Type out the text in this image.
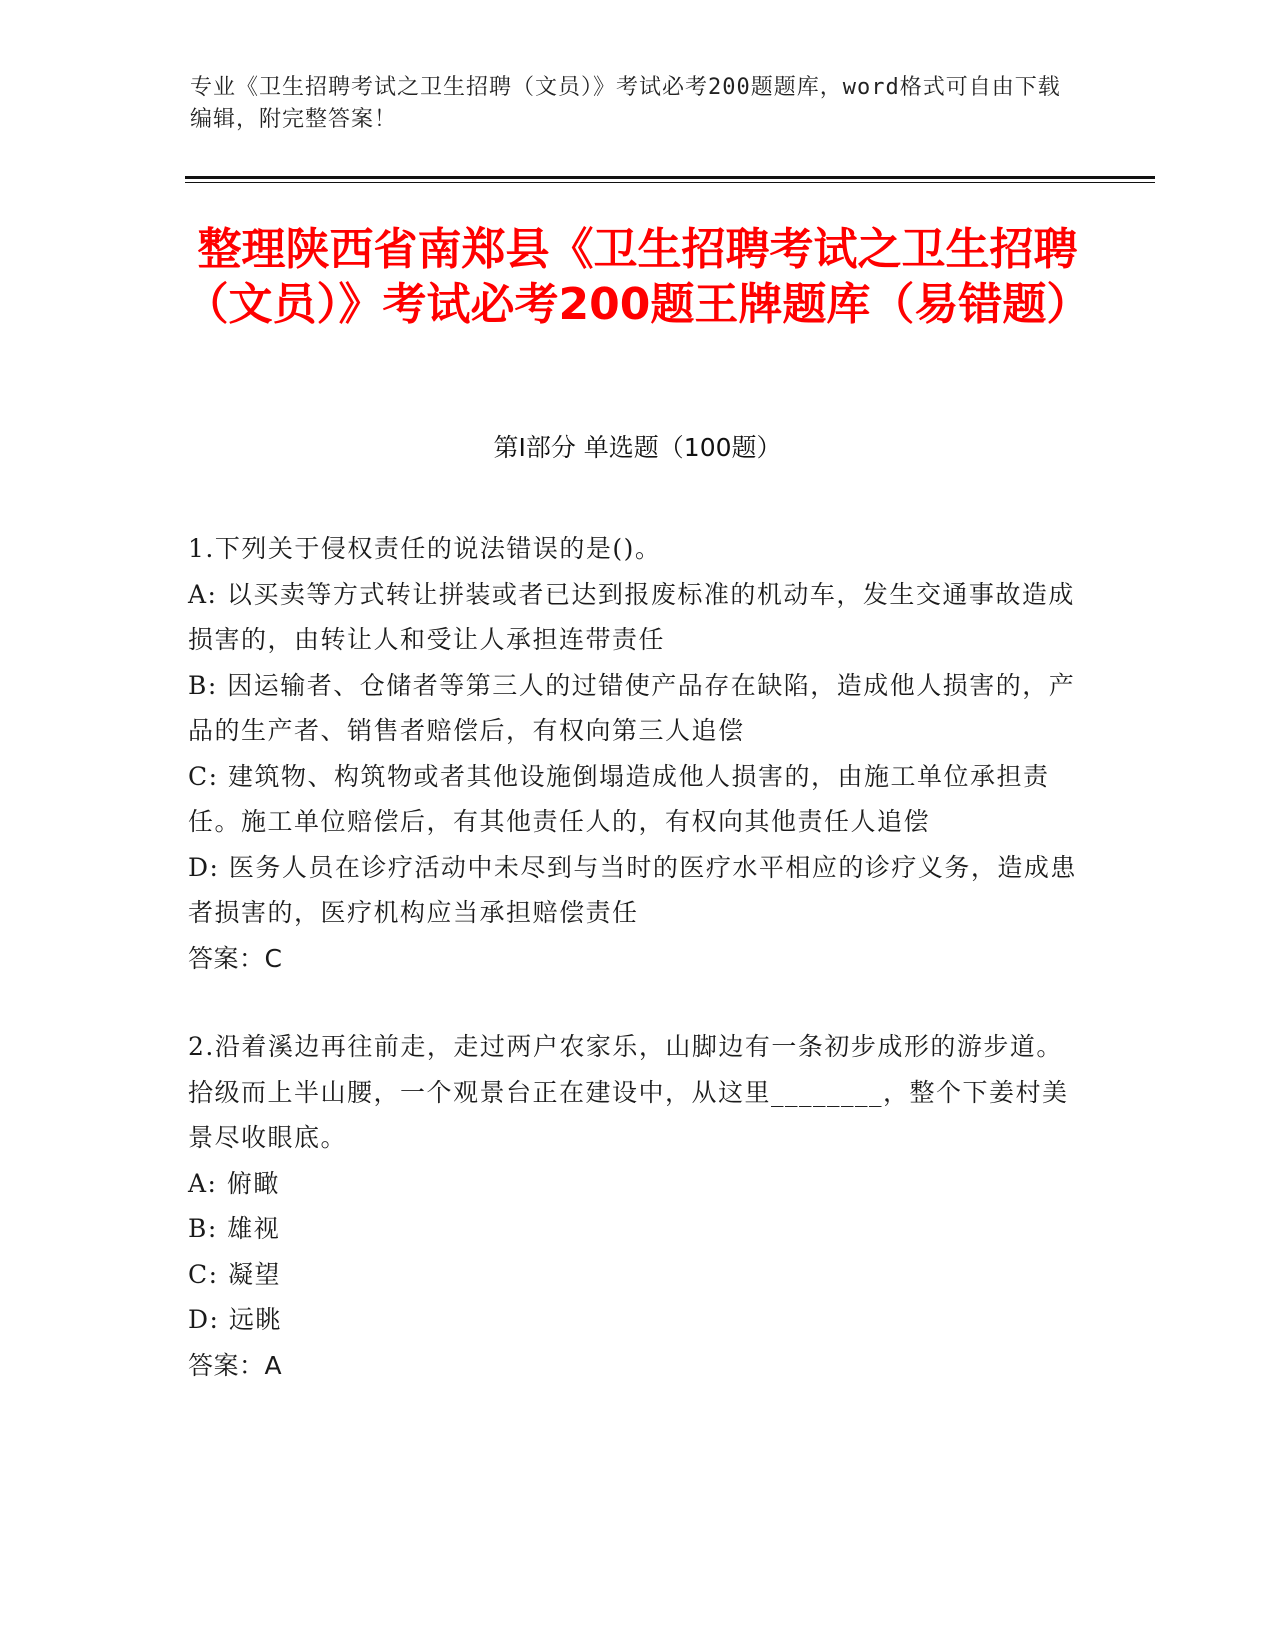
专业《卫生招聘考试之卫生招聘（文员）》考试必考200题题库，word格式可自由下载编辑，附完整答案！
整理陕西省南郑县《卫生招聘考试之卫生招聘（文员）》考试必考200题王牌题库（易错题）
第I部分 单选题（100题）

1.下列关于侵权责任的说法错误的是()。

A: 以买卖等方式转让拼装或者已达到报废标准的机动车，发生交通事故造成损害的，由转让人和受让人承担连带责任

B: 因运输者、仓储者等第三人的过错使产品存在缺陷，造成他人损害的，产品的生产者、销售者赔偿后，有权向第三人追偿

C: 建筑物、构筑物或者其他设施倒塌造成他人损害的，由施工单位承担责任。施工单位赔偿后，有其他责任人的，有权向其他责任人追偿

D: 医务人员在诊疗活动中未尽到与当时的医疗水平相应的诊疗义务，造成患者损害的，医疗机构应当承担赔偿责任

答案：C

2.沿着溪边再往前走，走过两户农家乐，山脚边有一条初步成形的游步道。拾级而上半山腰，一个观景台正在建设中，从这里________，整个下姜村美景尽收眼底。

A: 俯瞰

B: 雄视

C: 凝望

D: 远眺

答案：A
